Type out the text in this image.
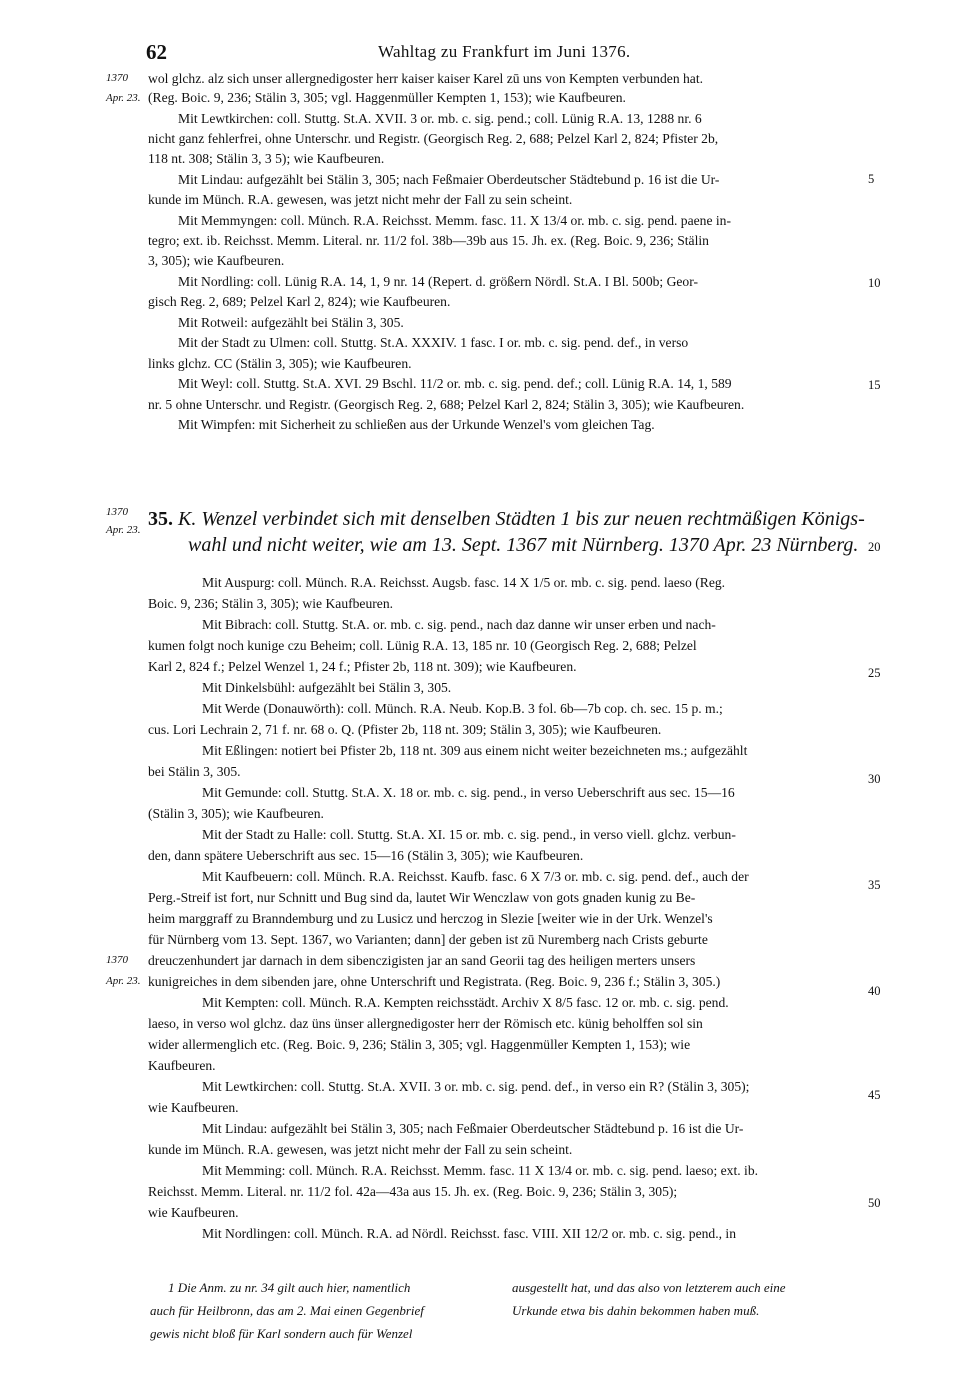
62	Wahltag zu Frankfurt im Juni 1376.
1370
Apr. 23.
wol glchz. alz sich unser allergnedigoster herr kaiser kaiser Karel zū uns von Kempten verbunden hat.
(Reg. Boic. 9, 236; Stälin 3, 305; vgl. Haggenmüller Kempten 1, 153); wie Kaufbeuren.
Mit Lewtkirchen: coll. Stuttg. St.A. XVII. 3 or. mb. c. sig. pend.; coll. Lünig R.A. 13, 1288 nr. 6
nicht ganz fehlerfrei, ohne Unterschr. und Registr. (Georgisch Reg. 2, 688; Pelzel Karl 2, 824; Pfister 2b,
118 nt. 308; Stälin 3, 3 5); wie Kaufbeuren.
Mit Lindau: aufgezählt bei Stälin 3, 305; nach Feßmaier Oberdeutscher Städtebund p. 16 ist die Ur-
kunde im Münch. R.A. gewesen, was jetzt nicht mehr der Fall zu sein scheint.
Mit Memmyngen: coll. Münch. R.A. Reichsst. Memm. fasc. 11. X 13/4 or. mb. c. sig. pend. paene in-
tegro; ext. ib. Reichsst. Memm. Literal. nr. 11/2 fol. 38b—39b aus 15. Jh. ex. (Reg. Boic. 9, 236; Stälin
3, 305); wie Kaufbeuren.
Mit Nordling: coll. Lünig R.A. 14, 1, 9 nr. 14 (Repert. d. größern Nördl. St.A. I Bl. 500b; Geor-
gisch Reg. 2, 689; Pelzel Karl 2, 824); wie Kaufbeuren.
Mit Rotweil: aufgezählt bei Stälin 3, 305.
Mit der Stadt zu Ulmen: coll. Stuttg. St.A. XXXIV. 1 fasc. I or. mb. c. sig. pend. def., in verso
links glchz. CC (Stälin 3, 305); wie Kaufbeuren.
Mit Weyl: coll. Stuttg. St.A. XVI. 29 Bschl. 11/2 or. mb. c. sig. pend. def.; coll. Lünig R.A. 14, 1, 589
nr. 5 ohne Unterschr. und Registr. (Georgisch Reg. 2, 688; Pelzel Karl 2, 824; Stälin 3, 305); wie Kaufbeuren.
Mit Wimpfen: mit Sicherheit zu schließen aus der Urkunde Wenzel's vom gleichen Tag.
1370
Apr. 23. 35. K. Wenzel verbindet sich mit denselben Städten 1 bis zur neuen rechtmäßigen Königs-
wahl und nicht weiter, wie am 13. Sept. 1367 mit Nürnberg. 1370 Apr. 23 Nürnberg.
Mit Auspurg: coll. Münch. R.A. Reichsst. Augsb. fasc. 14 X 1/5 or. mb. c. sig. pend. laeso (Reg.
Boic. 9, 236; Stälin 3, 305); wie Kaufbeuren.
Mit Bibrach: coll. Stuttg. St.A. or. mb. c. sig. pend., nach daz danne wir unser erben und nach-
kumen folgt noch kunige czu Beheim; coll. Lünig R.A. 13, 185 nr. 10 (Georgisch Reg. 2, 688; Pelzel
Karl 2, 824 f.; Pelzel Wenzel 1, 24 f.; Pfister 2b, 118 nt. 309); wie Kaufbeuren.
Mit Dinkelsbühl: aufgezählt bei Stälin 3, 305.
Mit Werde (Donauwörth): coll. Münch. R.A. Neub. Kop.B. 3 fol. 6b—7b cop. ch. sec. 15 p. m.;
cus. Lori Lechrain 2, 71 f. nr. 68 o. Q. (Pfister 2b, 118 nt. 309; Stälin 3, 305); wie Kaufbeuren.
Mit Eßlingen: notiert bei Pfister 2b, 118 nt. 309 aus einem nicht weiter bezeichneten ms.; aufgezählt
bei Stälin 3, 305.
Mit Gemunde: coll. Stuttg. St.A. X. 18 or. mb. c. sig. pend., in verso Ueberschrift aus sec. 15—16
(Stälin 3, 305); wie Kaufbeuren.
Mit der Stadt zu Halle: coll. Stuttg. St.A. XI. 15 or. mb. c. sig. pend., in verso viell. glchz. verbun-
den, dann spätere Ueberschrift aus sec. 15—16 (Stälin 3, 305); wie Kaufbeuren.
Mit Kaufbeuern: coll. Münch. R.A. Reichsst. Kaufb. fasc. 6 X 7/3 or. mb. c. sig. pend. def., auch der
Perg.-Streif ist fort, nur Schnitt und Bug sind da, lautet Wir Wenczlaw von gots gnaden kunig zu Be-
heim marggraff zu Branndemburg und zu Lusicz und herczog in Slezie [weiter wie in der Urk. Wenzel's
für Nürnberg vom 13. Sept. 1367, wo Varianten; dann] der geben ist zū Nuremberg nach Crists geburte
dreuczenhundert jar darnach in dem sibenczigisten jar an sand Georii tag des heiligen merters unsers
kunigreiches in dem sibenden jare, ohne Unterschrift und Registrata. (Reg. Boic. 9, 236 f.; Stälin 3, 305.)
Mit Kempten: coll. Münch. R.A. Kempten reichsstädt. Archiv X 8/5 fasc. 12 or. mb. c. sig. pend.
laeso, in verso wol glchz. daz üns ünser allergnedigoster herr der Römisch etc. künig beholffen sol sin
wider allermenglich etc. (Reg. Boic. 9, 236; Stälin 3, 305; vgl. Haggenmüller Kempten 1, 153); wie
Kaufbeuren.
Mit Lewtkirchen: coll. Stuttg. St.A. XVII. 3 or. mb. c. sig. pend. def., in verso ein R? (Stälin 3, 305);
wie Kaufbeuren.
Mit Lindau: aufgezählt bei Stälin 3, 305; nach Feßmaier Oberdeutscher Städtebund p. 16 ist die Ur-
kunde im Münch. R.A. gewesen, was jetzt nicht mehr der Fall zu sein scheint.
Mit Memming: coll. Münch. R.A. Reichsst. Memm. fasc. 11 X 13/4 or. mb. c. sig. pend. laeso; ext. ib.
Reichsst. Memm. Literal. nr. 11/2 fol. 42a—43a aus 15. Jh. ex. (Reg. Boic. 9, 236; Stälin 3, 305);
wie Kaufbeuren.
Mit Nordlingen: coll. Münch. R.A. ad Nördl. Reichsst. fasc. VIII. XII 12/2 or. mb. c. sig. pend., in
1370
Apr. 23.
5
10
15
20
25
30
35
40
45
50
1 Die Anm. zu nr. 34 gilt auch hier, namentlich
auch für Heilbronn, das am 2. Mai einen Gegenbrief
gewis nicht bloß für Karl sondern auch für Wenzel
ausgestellt hat, und das also von letzterem auch eine
Urkunde etwa bis dahin bekommen haben muß.
